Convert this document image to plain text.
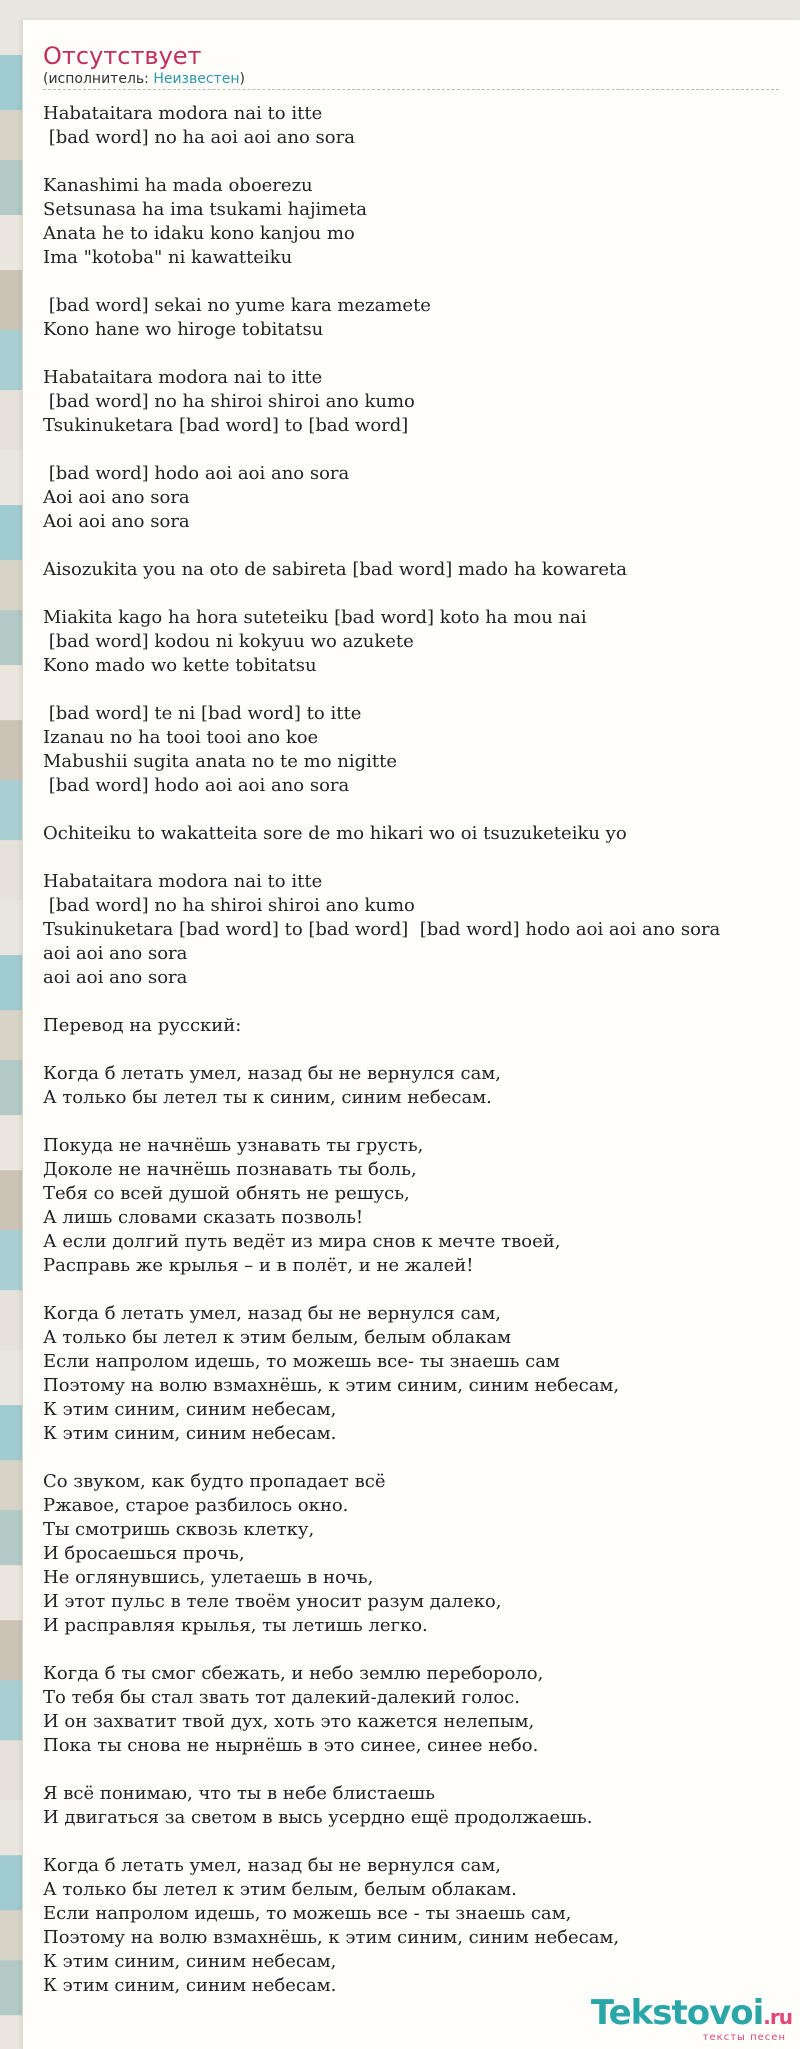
Отсутствует
(исполнитель: Неизвестен)
Habataitara modora nai to itte
[bad word] no ha aoi aoi ano sora

Kanashimi ha mada oboerezu
Setsunasa ha ima tsukami hajimeta
Anata he to idaku kono kanjou mo
Ima "kotoba" ni kawatteiku

[bad word] sekai no yume kara mezamete
Kono hane wo hiroge tobitatsu

Habataitara modora nai to itte
[bad word] no ha shiroi shiroi ano kumo
Tsukinuketara [bad word] to [bad word]

[bad word] hodo aoi aoi ano sora
Aoi aoi ano sora
Aoi aoi ano sora

Aisozukita you na oto de sabireta [bad word] mado ha kowareta

Miakita kago ha hora suteteiku [bad word] koto ha mou nai
[bad word] kodou ni kokyuu wo azukete
Kono mado wo kette tobitatsu

[bad word] te ni [bad word] to itte
Izanau no ha tooi tooi ano koe
Mabushii sugita anata no te mo nigitte
[bad word] hodo aoi aoi ano sora

Ochiteiku to wakatteita sore de mo hikari wo oi tsuzuketeiku yo

Habataitara modora nai to itte
[bad word] no ha shiroi shiroi ano kumo
Tsukinuketara [bad word] to [bad word]  [bad word] hodo aoi aoi ano sora
aoi aoi ano sora
aoi aoi ano sora

Перевод на русский:

Когда б летать умел, назад бы не вернулся сам,
А только бы летел ты к синим, синим небесам.

Покуда не начнёшь узнавать ты грусть,
Доколе не начнёшь познавать ты боль,
Тебя со всей душой обнять не решусь,
А лишь словами сказать позволь!
А если долгий путь ведёт из мира снов к мечте твоей,
Расправь же крылья – и в полёт, и не жалей!

Когда б летать умел, назад бы не вернулся сам,
А только бы летел к этим белым, белым облакам
Если напролом идешь, то можешь все- ты знаешь сам
Поэтому на волю взмахнёшь, к этим синим, синим небесам,
К этим синим, синим небесам,
К этим синим, синим небесам.

Со звуком, как будто пропадает всё
Ржавое, старое разбилось окно.
Ты смотришь сквозь клетку,
И бросаешься прочь,
Не оглянувшись, улетаешь в ночь,
И этот пульс в теле твоём уносит разум далеко,
И расправляя крылья, ты летишь легко.

Когда б ты смог сбежать, и небо землю перебороло,
То тебя бы стал звать тот далекий-далекий голос.
И он захватит твой дух, хоть это кажется нелепым,
Пока ты снова не нырнёшь в это синее, синее небо.

Я всё понимаю, что ты в небе блистаешь
И двигаться за светом в высь усердно ещё продолжаешь.

Когда б летать умел, назад бы не вернулся сам,
А только бы летел к этим белым, белым облакам.
Если напролом идешь, то можешь все - ты знаешь сам,
Поэтому на волю взмахнёшь, к этим синим, синим небесам,
К этим синим, синим небесам,
К этим синим, синим небесам.
Tekstovoi.ru
тексты песен
